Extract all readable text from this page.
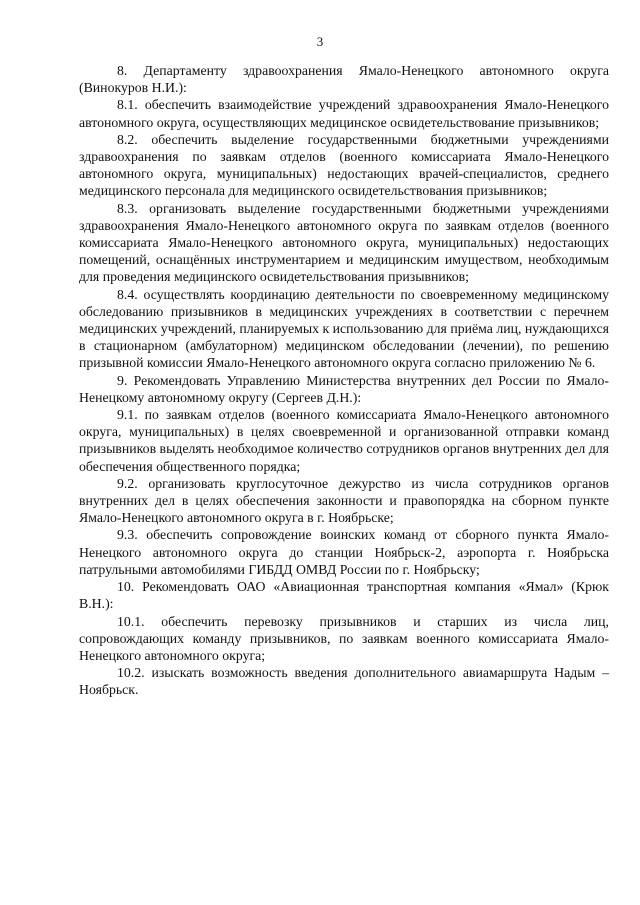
3

8. Департаменту здравоохранения Ямало-Ненецкого автономного округа (Винокуров Н.И.):

8.1. обеспечить взаимодействие учреждений здравоохранения Ямало-Ненецкого автономного округа, осуществляющих медицинское освидетельствование призывников;

8.2. обеспечить выделение государственными бюджетными учреждениями здравоохранения по заявкам отделов (военного комиссариата Ямало-Ненецкого автономного округа, муниципальных) недостающих врачей-специалистов, среднего медицинского персонала для медицинского освидетельствования призывников;

8.3. организовать выделение государственными бюджетными учреждениями здравоохранения Ямало-Ненецкого автономного округа по заявкам отделов (военного комиссариата Ямало-Ненецкого автономного округа, муниципальных) недостающих помещений, оснащённых инструментарием и медицинским имуществом, необходимым для проведения медицинского освидетельствования призывников;

8.4. осуществлять координацию деятельности по своевременному медицинскому обследованию призывников в медицинских учреждениях в соответствии с перечнем медицинских учреждений, планируемых к использованию для приёма лиц, нуждающихся в стационарном (амбулаторном) медицинском обследовании (лечении), по решению призывной комиссии Ямало-Ненецкого автономного округа согласно приложению № 6.

9. Рекомендовать Управлению Министерства внутренних дел России по Ямало-Ненецкому автономному округу (Сергеев Д.Н.):

9.1. по заявкам отделов (военного комиссариата Ямало-Ненецкого автономного округа, муниципальных) в целях своевременной и организованной отправки команд призывников выделять необходимое количество сотрудников органов внутренних дел для обеспечения общественного порядка;

9.2. организовать круглосуточное дежурство из числа сотрудников органов внутренних дел в целях обеспечения законности и правопорядка на сборном пункте Ямало-Ненецкого автономного округа в г. Ноябрьске;

9.3. обеспечить сопровождение воинских команд от сборного пункта Ямало-Ненецкого автономного округа до станции Ноябрьск-2, аэропорта г. Ноябрьска патрульными автомобилями ГИБДД ОМВД России по г. Ноябрьску;

10. Рекомендовать ОАО «Авиационная транспортная компания «Ямал» (Крюк В.Н.):

10.1. обеспечить перевозку призывников и старших из числа лиц, сопровождающих команду призывников, по заявкам военного комиссариата Ямало-Ненецкого автономного округа;

10.2. изыскать возможность введения дополнительного авиамаршрута Надым – Ноябрьск.
